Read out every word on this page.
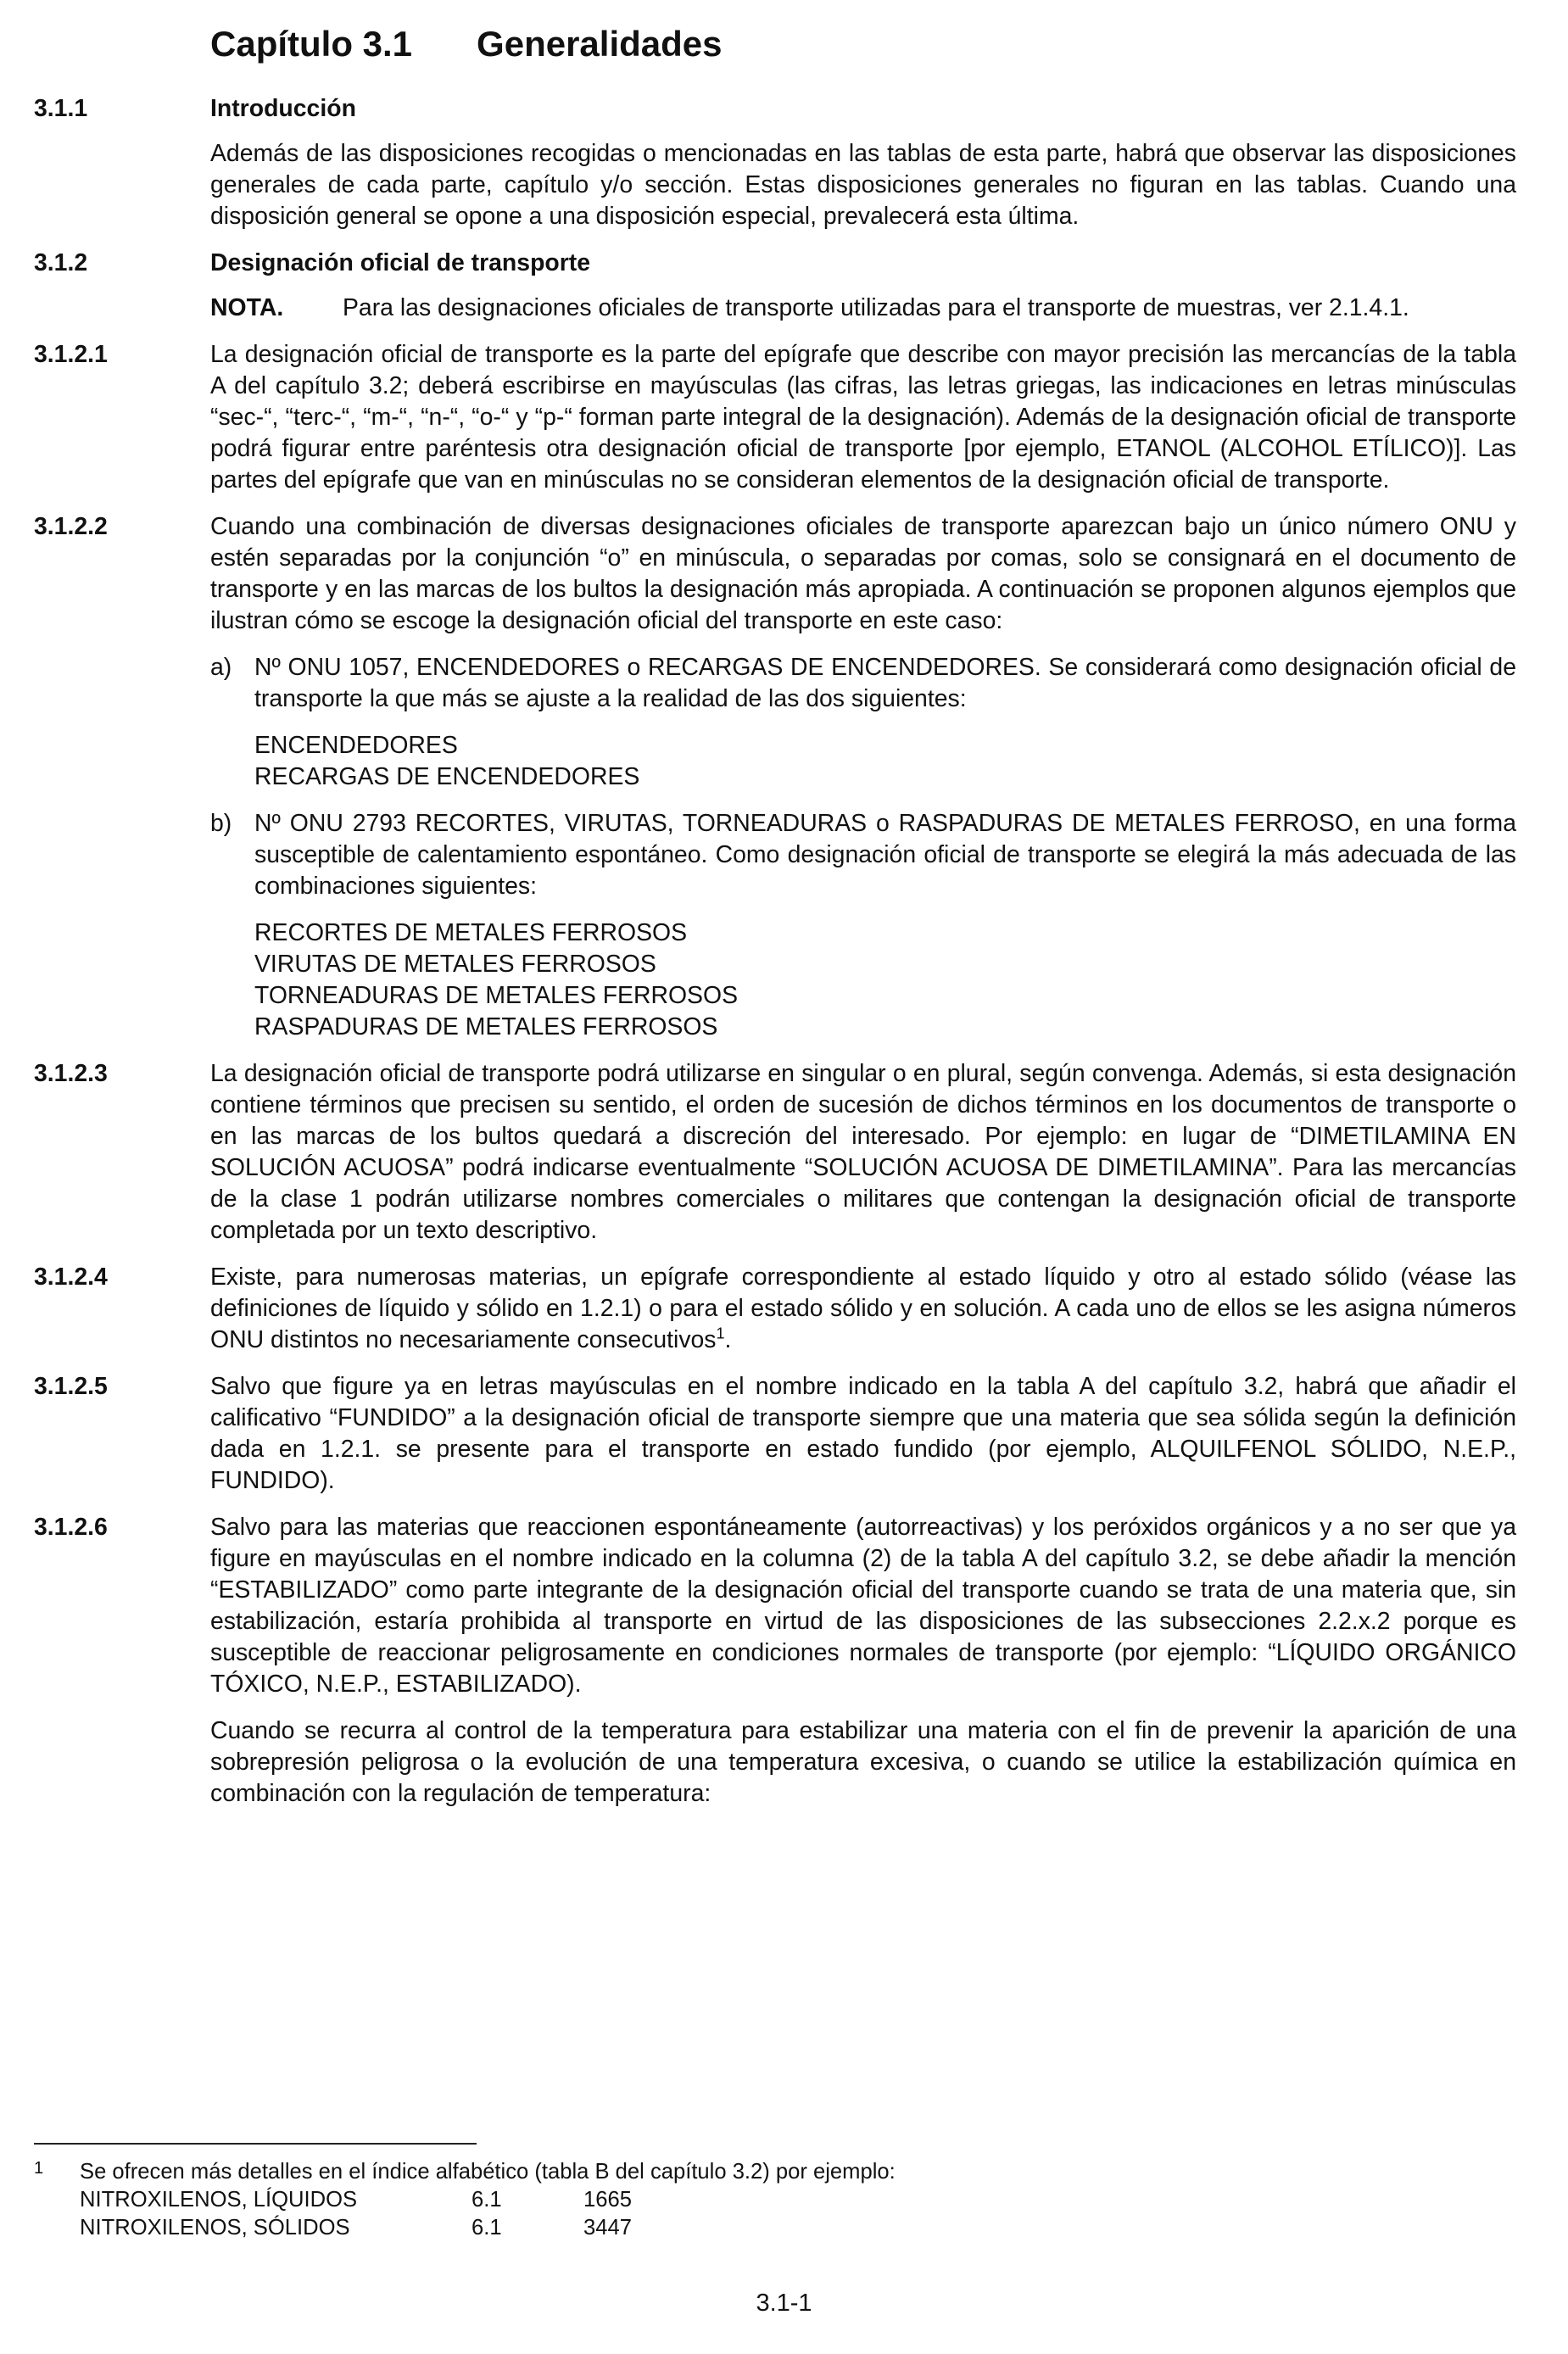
Capítulo 3.1 Generalidades
3.1.1	Introducción
Además de las disposiciones recogidas o mencionadas en las tablas de esta parte, habrá que observar las disposiciones generales de cada parte, capítulo y/o sección. Estas disposiciones generales no figuran en las tablas. Cuando una disposición general se opone a una disposición especial, prevalecerá esta última.
3.1.2	Designación oficial de transporte
NOTA. Para las designaciones oficiales de transporte utilizadas para el transporte de muestras, ver 2.1.4.1.
3.1.2.1	La designación oficial de transporte es la parte del epígrafe que describe con mayor precisión las mercancías de la tabla A del capítulo 3.2; deberá escribirse en mayúsculas (las cifras, las letras griegas, las indicaciones en letras minúsculas “sec-“, “terc-“, “m-“, “n-“, “o-“ y “p-“ forman parte integral de la designación). Además de la designación oficial de transporte podrá figurar entre paréntesis otra designación oficial de transporte [por ejemplo, ETANOL (ALCOHOL ETÍLICO)]. Las partes del epígrafe que van en minúsculas no se consideran elementos de la designación oficial de transporte.
3.1.2.2	Cuando una combinación de diversas designaciones oficiales de transporte aparezcan bajo un único número ONU y estén separadas por la conjunción “o” en minúscula, o separadas por comas, solo se consignará en el documento de transporte y en las marcas de los bultos la designación más apropiada. A continuación se proponen algunos ejemplos que ilustran cómo se escoge la designación oficial del transporte en este caso:
a) Nº ONU 1057, ENCENDEDORES o RECARGAS DE ENCENDEDORES. Se considerará como designación oficial de transporte la que más se ajuste a la realidad de las dos siguientes:
ENCENDEDORES
RECARGAS DE ENCENDEDORES
b) Nº ONU 2793 RECORTES, VIRUTAS, TORNEADURAS o RASPADURAS DE METALES FERROSO, en una forma susceptible de calentamiento espontáneo. Como designación oficial de transporte se elegirá la más adecuada de las combinaciones siguientes:
RECORTES DE METALES FERROSOS
VIRUTAS DE METALES FERROSOS
TORNEADURAS DE METALES FERROSOS
RASPADURAS DE METALES FERROSOS
3.1.2.3	La designación oficial de transporte podrá utilizarse en singular o en plural, según convenga. Además, si esta designación contiene términos que precisen su sentido, el orden de sucesión de dichos términos en los documentos de transporte o en las marcas de los bultos quedará a discreción del interesado. Por ejemplo: en lugar de “DIMETILAMINA EN SOLUCIÓN ACUOSA” podrá indicarse eventualmente “SOLUCIÓN ACUOSA DE DIMETILAMINA”. Para las mercancías de la clase 1 podrán utilizarse nombres comerciales o militares que contengan la designación oficial de transporte completada por un texto descriptivo.
3.1.2.4	Existe, para numerosas materias, un epígrafe correspondiente al estado líquido y otro al estado sólido (véase las definiciones de líquido y sólido en 1.2.1) o para el estado sólido y en solución. A cada uno de ellos se les asigna números ONU distintos no necesariamente consecutivos$^1$.
3.1.2.5	Salvo que figure ya en letras mayúsculas en el nombre indicado en la tabla A del capítulo 3.2, habrá que añadir el calificativo “FUNDIDO” a la designación oficial de transporte siempre que una materia que sea sólida según la definición dada en 1.2.1. se presente para el transporte en estado fundido (por ejemplo, ALQUILFENOL SÓLIDO, N.E.P., FUNDIDO).
3.1.2.6	Salvo para las materias que reaccionen espontáneamente (autorreactivas) y los peróxidos orgánicos y a no ser que ya figure en mayúsculas en el nombre indicado en la columna (2) de la tabla A del capítulo 3.2, se debe añadir la mención “ESTABILIZADO” como parte integrante de la designación oficial del transporte cuando se trata de una materia que, sin estabilización, estaría prohibida al transporte en virtud de las disposiciones de las subsecciones 2.2.x.2 porque es susceptible de reaccionar peligrosamente en condiciones normales de transporte (por ejemplo: “LÍQUIDO ORGÁNICO TÓXICO, N.E.P., ESTABILIZADO).
Cuando se recurra al control de la temperatura para estabilizar una materia con el fin de prevenir la aparición de una sobrepresión peligrosa o la evolución de una temperatura excesiva, o cuando se utilice la estabilización química en combinación con la regulación de temperatura:
1 Se ofrecen más detalles en el índice alfabético (tabla B del capítulo 3.2) por ejemplo:
NITROXILENOS, LÍQUIDOS	6.1	1665
NITROXILENOS, SÓLIDOS	6.1	3447
3.1-1
